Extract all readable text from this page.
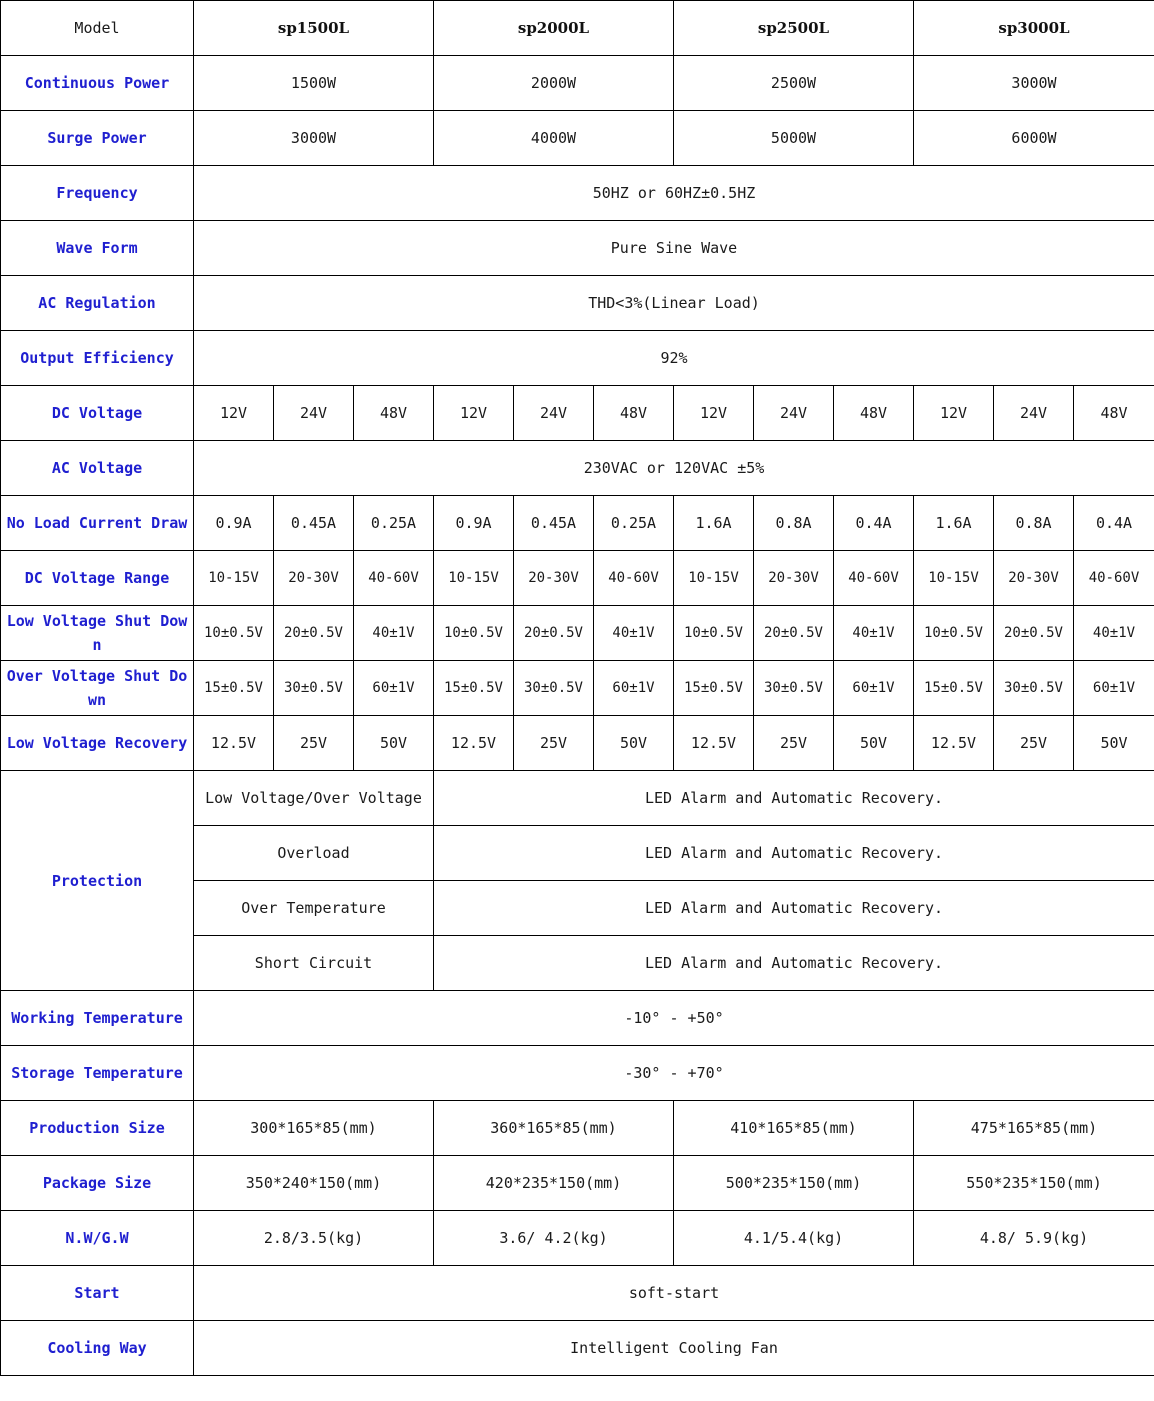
Model	sp1500L			sp2000L			sp2500L			sp3000L		
Continuous Power	1500W			2000W			2500W			3000W		
Surge Power	3000W			4000W			5000W			6000W		
Frequency	50HZ or 60HZ±0.5HZ											
Wave Form	Pure Sine Wave											
AC Regulation	THD<3%(Linear Load)											
Output Efficiency	92%											
DC Voltage	12V	24V	48V	12V	24V	48V	12V	24V	48V	12V	24V	48V
AC Voltage	230VAC or 120VAC ±5%											
No Load Current Draw	0.9A	0.45A	0.25A	0.9A	0.45A	0.25A	1.6A	0.8A	0.4A	1.6A	0.8A	0.4A
DC Voltage Range	10-15V	20-30V	40-60V	10-15V	20-30V	40-60V	10-15V	20-30V	40-60V	10-15V	20-30V	40-60V
Low Voltage Shut Down	10±0.5V	20±0.5V	40±1V	10±0.5V	20±0.5V	40±1V	10±0.5V	20±0.5V	40±1V	10±0.5V	20±0.5V	40±1V
Over Voltage Shut Down	15±0.5V	30±0.5V	60±1V	15±0.5V	30±0.5V	60±1V	15±0.5V	30±0.5V	60±1V	15±0.5V	30±0.5V	60±1V
Low Voltage Recovery	12.5V	25V	50V	12.5V	25V	50V	12.5V	25V	50V	12.5V	25V	50V
Protection	Low Voltage/Over Voltage			LED Alarm and Automatic Recovery.								
	Overload			LED Alarm and Automatic Recovery.								
	Over Temperature			LED Alarm and Automatic Recovery.								
	Short Circuit			LED Alarm and Automatic Recovery.								
Working Temperature	-10° - +50°											
Storage Temperature	-30° - +70°											
Production Size	300*165*85(mm)			360*165*85(mm)			410*165*85(mm)			475*165*85(mm)		
Package Size	350*240*150(mm)			420*235*150(mm)			500*235*150(mm)			550*235*150(mm)		
N.W/G.W	2.8/3.5(kg)			3.6/ 4.2(kg)			4.1/5.4(kg)			4.8/ 5.9(kg)		
Start	soft-start											
Cooling Way	Intelligent Cooling Fan											
